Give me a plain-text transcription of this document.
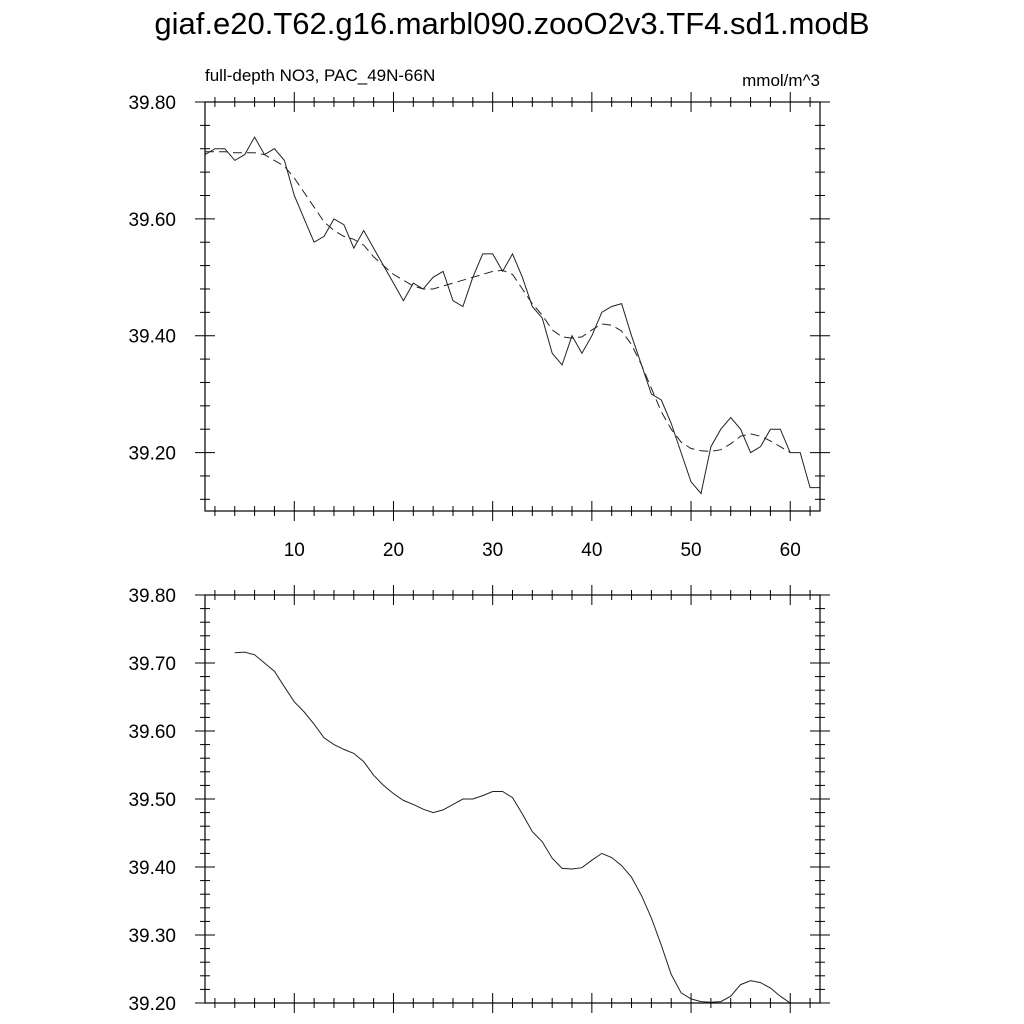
giaf.e20.T62.g16.marbl090.zooO2v3.TF4.sd1.modB
39.20
39.40
39.60
39.80
10	20	30	40	50	60
full-depth NO3, PAC_49N-66N	mmol/m^3
39.20
39.30
39.40
39.50
39.60
39.70
39.80
